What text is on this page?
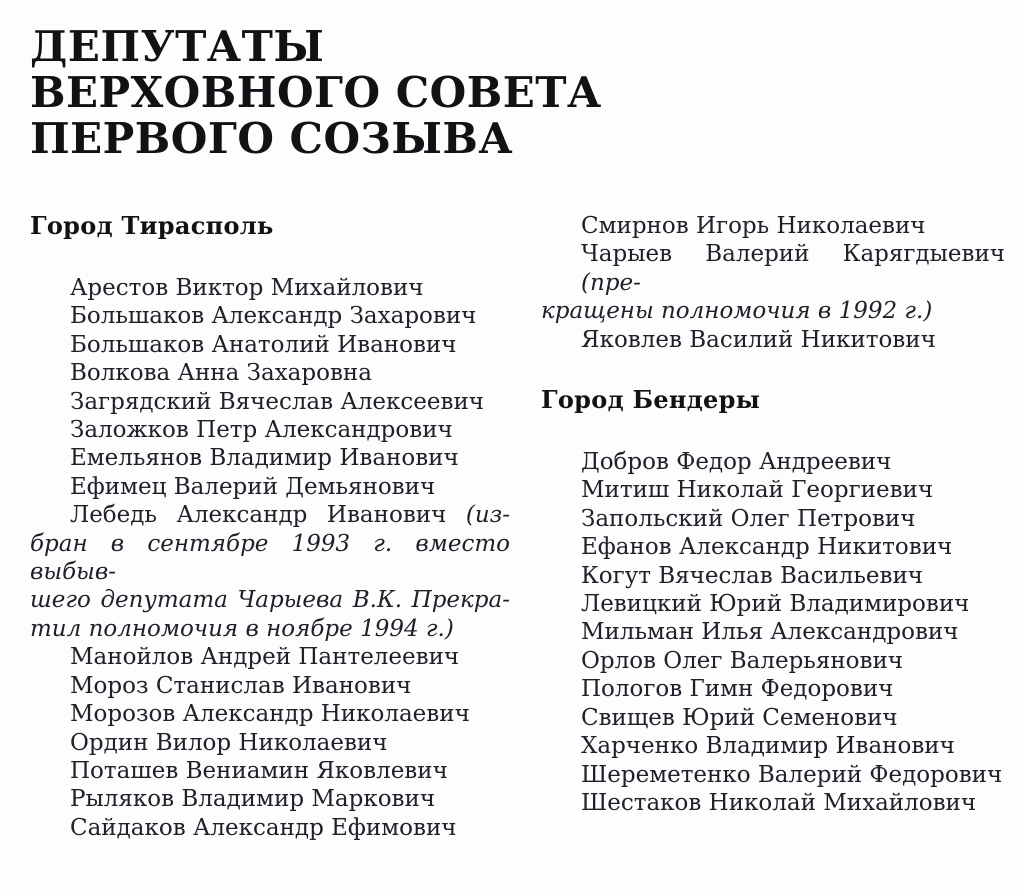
ДЕПУТАТЫ
ВЕРХОВНОГО СОВЕТА
ПЕРВОГО СОЗЫВА
Город Тирасполь

Арестов Виктор Михайлович

Большаков Александр Захарович

Большаков Анатолий Иванович

Волкова Анна Захаровна

Загрядский Вячеслав Алексеевич

Заложков Петр Александрович

Емельянов Владимир Иванович

Ефимец Валерий Демьянович

Лебедь Александр Иванович (из-
бран в сентябре 1993 г. вместо выбыв-
шего депутата Чарыева В.К. Прекра-
тил полномочия в ноябре 1994 г.)

Манойлов Андрей Пантелеевич

Мороз Станислав Иванович

Морозов Александр Николаевич

Ордин Вилор Николаевич

Поташев Вениамин Яковлевич

Рыляков Владимир Маркович

Сайдаков Александр Ефимович

Смирнов Игорь Николаевич

Чарыев Валерий Карягдыевич (пре-
кращены полномочия в 1992 г.)

Яковлев Василий Никитович

Город Бендеры

Добров Федор Андреевич

Митиш Николай Георгиевич

Запольский Олег Петрович

Ефанов Александр Никитович

Когут Вячеслав Васильевич

Левицкий Юрий Владимирович

Мильман Илья Александрович

Орлов Олег Валерьянович

Пологов Гимн Федорович

Свищев Юрий Семенович

Харченко Владимир Иванович

Шереметенко Валерий Федорович

Шестаков Николай Михайлович
